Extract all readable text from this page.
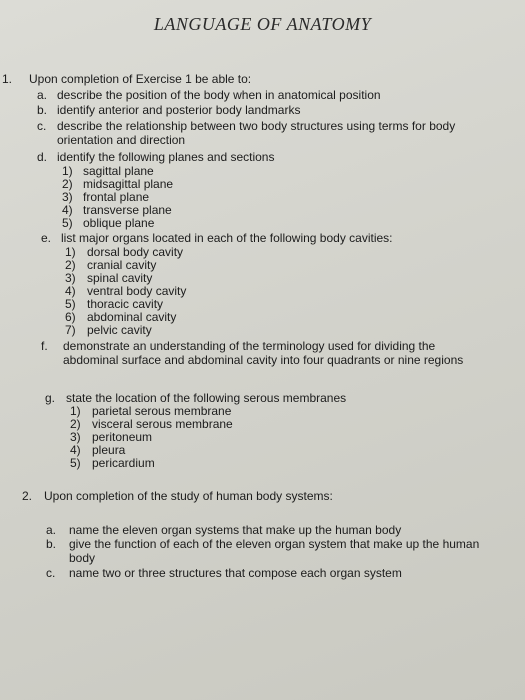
LANGUAGE OF ANATOMY
1. Upon completion of Exercise 1 be able to:
a. describe the position of the body when in anatomical position
b. identify anterior and posterior body landmarks
c. describe the relationship between two body structures using terms for body
orientation and direction
d. identify the following planes and sections
1) sagittal plane
2) midsagittal plane
3) frontal plane
4) transverse plane
5) oblique plane
e. list major organs located in each of the following body cavities:
1) dorsal body cavity
2) cranial cavity
3) spinal cavity
4) ventral body cavity
5) thoracic cavity
6) abdominal cavity
7) pelvic cavity
f. demonstrate an understanding of the terminology used for dividing the
abdominal surface and abdominal cavity into four quadrants or nine regions
g. state the location of the following serous membranes
1) parietal serous membrane
2) visceral serous membrane
3) peritoneum
4) pleura
5) pericardium
2. Upon completion of the study of human body systems:
a. name the eleven organ systems that make up the human body
b. give the function of each of the eleven organ system that make up the human
body
c. name two or three structures that compose each organ system
